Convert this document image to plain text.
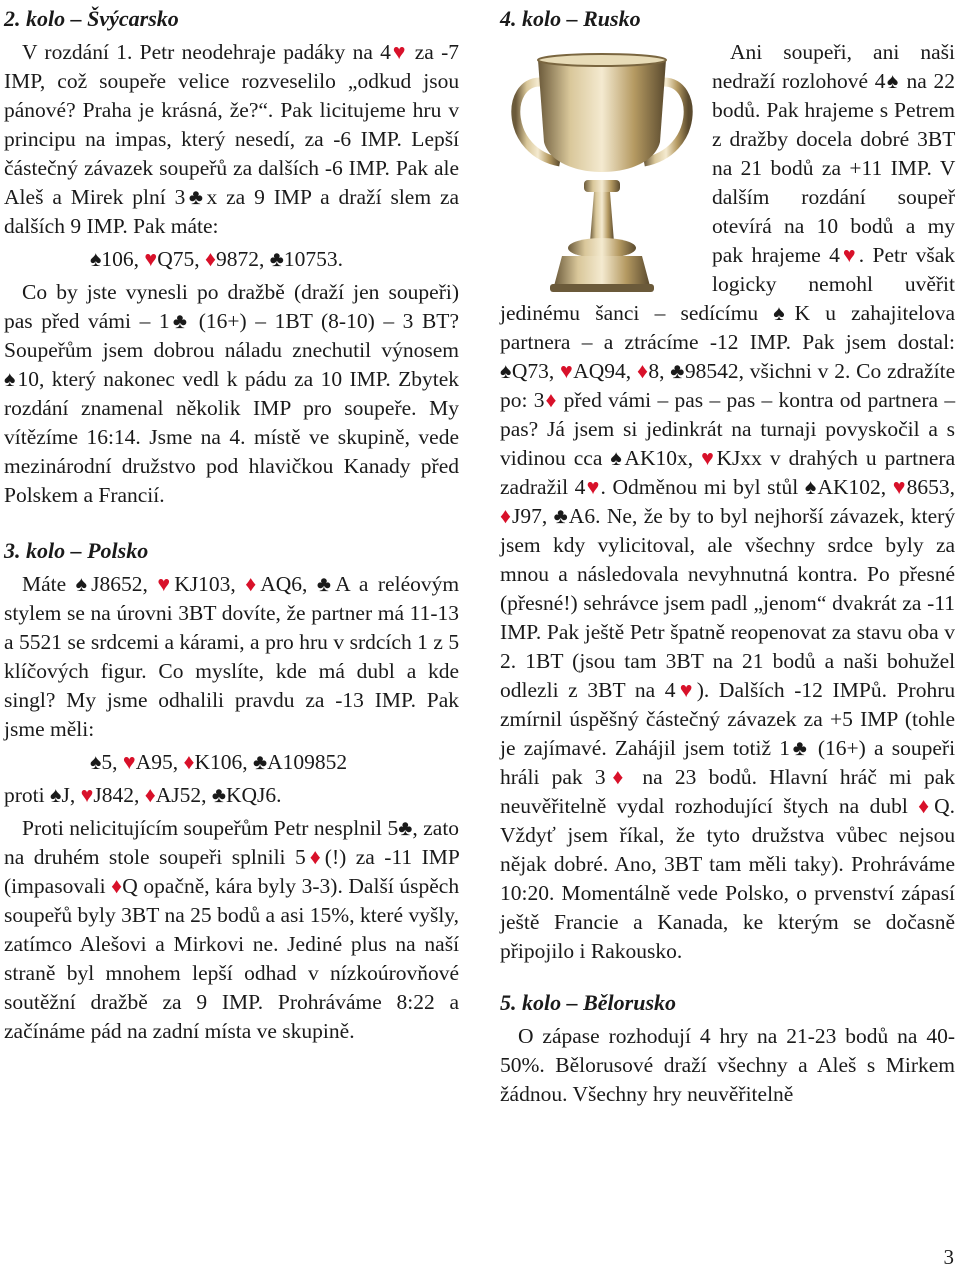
2. kolo – Švýcarsko

V rozdání 1. Petr neodehraje padáky na 4♥ za -7 IMP, což soupeře velice rozveselilo „odkud jsou pánové? Praha je krásná, že?“. Pak licitujeme hru v principu na impas, který nesedí, za -6 IMP. Lepší částečný závazek soupeřů za dalších -6 IMP. Pak ale Aleš a Mirek plní 3♣x za 9 IMP a draží slem za dalších 9 IMP. Pak máte:

♠106, ♥Q75, ♦9872, ♣10753.

Co by jste vynesli po dražbě (draží jen soupeři) pas před vámi – 1♣ (16+) – 1BT (8-10) – 3 BT? Soupeřům jsem dobrou náladu znechutil výnosem ♠10, který nakonec vedl k pádu za 10 IMP. Zbytek rozdání znamenal několik IMP pro soupeře. My vítězíme 16:14. Jsme na 4. místě ve skupině, vede mezinárodní družstvo pod hlavičkou Kanady před Polskem a Francií.

3. kolo – Polsko

Máte ♠J8652, ♥KJ103, ♦AQ6, ♣A a reléovým stylem se na úrovni 3BT dovíte, že partner má 11-13 a 5521 se srdcemi a kárami, a pro hru v srdcích 1 z 5 klíčových figur. Co myslíte, kde má dubl a kde singl? My jsme odhalili pravdu za -13 IMP. Pak jsme měli:

♠5, ♥A95, ♦K106, ♣A109852

proti ♠J, ♥J842, ♦AJ52, ♣KQJ6.

Proti nelicitujícím soupeřům Petr nesplnil 5♣, zato na druhém stole soupeři splnili 5♦(!) za -11 IMP (impasovali ♦Q opačně, kára byly 3-3). Další úspěch soupeřů byly 3BT na 25 bodů a asi 15%, které vyšly, zatímco Alešovi a Mirkovi ne. Jediné plus na naší straně byl mnohem lepší odhad v nízkoúrovňové soutěžní dražbě za 9 IMP. Prohráváme 8:22 a začínáme pád na zadní místa ve skupině.

4. kolo – Rusko

Ani soupeři, ani naši nedraží rozlohové 4♠ na 22 bodů. Pak hrajeme s Petrem z dražby docela dobré 3BT na 21 bodů za +11 IMP. V dalším rozdání soupeř otevírá na 10 bodů a my pak hrajeme 4♥. Petr však logicky nemohl uvěřit jedinému šanci – sedícímu ♠K u zahajitelova partnera – a ztrácíme -12 IMP. Pak jsem dostal: ♠Q73, ♥AQ94, ♦8, ♣98542, všichni v 2. Co zdražíte po: 3♦ před vámi – pas – pas – kontra od partnera – pas? Já jsem si jedinkrát na turnaji povyskočil a s vidinou cca ♠AK10x, ♥KJxx v drahých u partnera zadražil 4♥. Odměnou mi byl stůl ♠AK102, ♥8653, ♦J97, ♣A6. Ne, že by to byl nejhorší závazek, který jsem kdy vylicitoval, ale všechny srdce byly za mnou a následovala nevyhnutná kontra. Po přesné (přesné!) sehrávce jsem padl „jenom“ dvakrát za -11 IMP. Pak ještě Petr špatně reopenovat za stavu oba v 2. 1BT (jsou tam 3BT na 21 bodů a naši bohužel odlezli z 3BT na 4♥). Dalších -12 IMPů. Prohru zmírnil úspěšný částečný závazek za +5 IMP (tohle je zajímavé. Zahájil jsem totiž 1♣ (16+) a soupeři hráli pak 3♦ na 23 bodů. Hlavní hráč mi pak neuvěřitelně vydal rozhodující štych na dubl ♦Q. Vždyť jsem říkal, že tyto družstva vůbec nejsou nějak dobré. Ano, 3BT tam měli taky). Prohráváme 10:20. Momentálně vede Polsko, o prvenství zápasí ještě Francie a Kanada, ke kterým se dočasně připojilo i Rakousko.

5. kolo – Bělorusko

O zápase rozhodují 4 hry na 21-23 bodů na 40-50%. Bělorusové draží všechny a Aleš s Mirkem žádnou. Všechny hry neuvěřitelně

3
